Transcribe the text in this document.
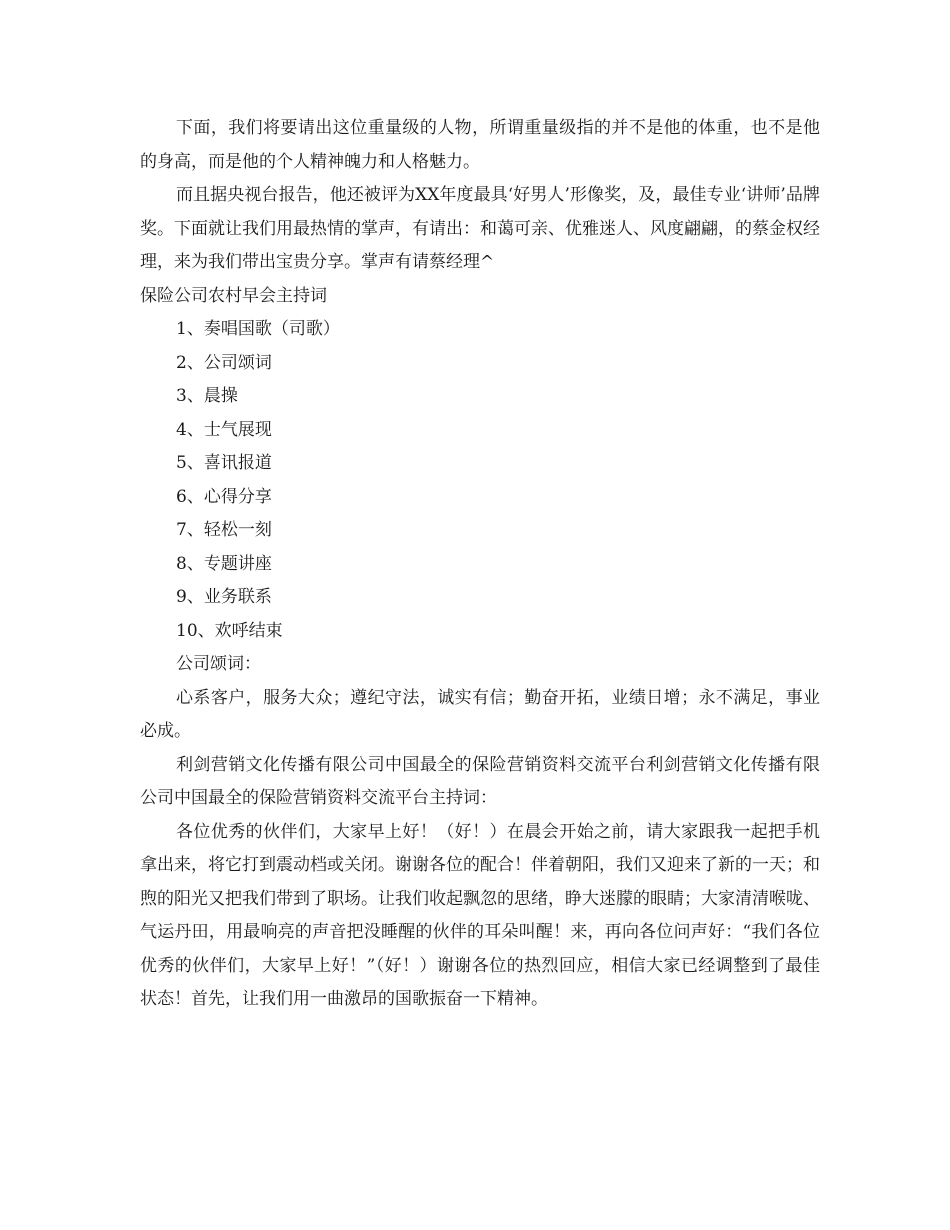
下面，我们将要请出这位重量级的人物，所谓重量级指的并不是他的体重，也不是他的身高，而是他的个人精神魄力和人格魅力。

而且据央视台报告，他还被评为XX年度最具‘好男人’形像奖，及，最佳专业‘讲师’品牌奖。下面就让我们用最热情的掌声，有请出：和蔼可亲、优雅迷人、风度翩翩，的蔡金权经理，来为我们带出宝贵分享。掌声有请蔡经理^

保险公司农村早会主持词

1、奏唱国歌（司歌）
2、公司颂词
3、晨操
4、士气展现
5、喜讯报道
6、心得分享
7、轻松一刻
8、专题讲座
9、业务联系
10、欢呼结束

公司颂词：

心系客户，服务大众；遵纪守法，诚实有信；勤奋开拓，业绩日增；永不满足，事业必成。

利剑营销文化传播有限公司中国最全的保险营销资料交流平台利剑营销文化传播有限公司中国最全的保险营销资料交流平台主持词：

各位优秀的伙伴们，大家早上好！（好！）在晨会开始之前，请大家跟我一起把手机拿出来，将它打到震动档或关闭。谢谢各位的配合！伴着朝阳，我们又迎来了新的一天；和煦的阳光又把我们带到了职场。让我们收起飘忽的思绪，睁大迷朦的眼睛；大家清清喉咙、气运丹田，用最响亮的声音把没睡醒的伙伴的耳朵叫醒！来，再向各位问声好：“我们各位优秀的伙伴们，大家早上好！”（好！）谢谢各位的热烈回应，相信大家已经调整到了最佳状态！首先，让我们用一曲激昂的国歌振奋一下精神。
